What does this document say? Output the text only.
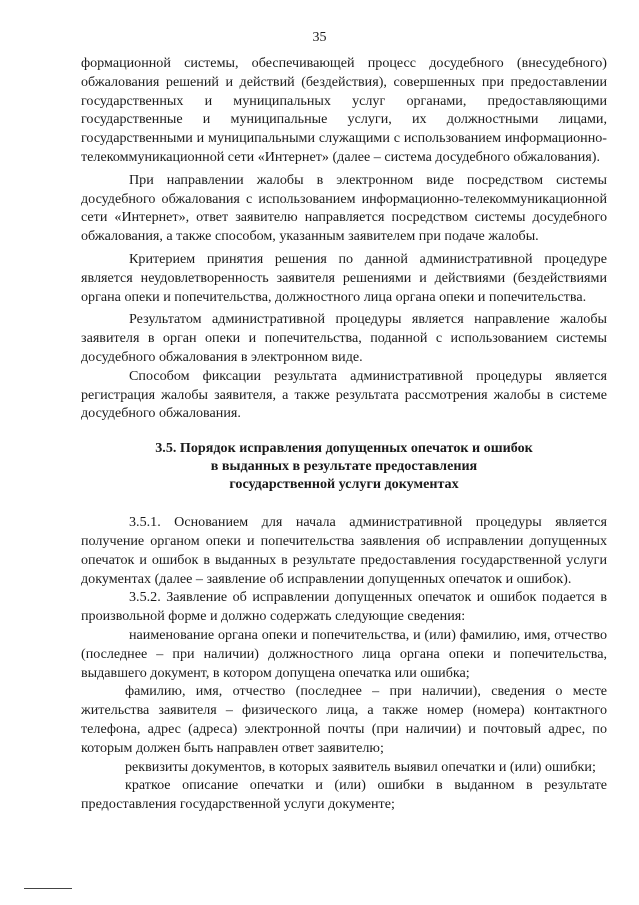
35

формационной системы, обеспечивающей процесс досудебного (внесудебного) обжалования решений и действий (бездействия), совершенных при предоставлении государственных и муниципальных услуг органами, предоставляющими государственные и муниципальные услуги, их должностными лицами, государственными и муниципальными служащими с использованием информационно-телекоммуникационной сети «Интернет» (далее – система досудебного обжалования).

При направлении жалобы в электронном виде посредством системы досудебного обжалования с использованием информационно-телекоммуникационной сети «Интернет», ответ заявителю направляется посредством системы досудебного обжалования, а также способом, указанным заявителем при подаче жалобы.

Критерием принятия решения по данной административной процедуре является неудовлетворенность заявителя решениями и действиями (бездействиями органа опеки и попечительства, должностного лица органа опеки и попечительства.

Результатом административной процедуры является направление жалобы заявителя в орган опеки и попечительства, поданной с использованием системы досудебного обжалования в электронном виде.

Способом фиксации результата административной процедуры является регистрация жалобы заявителя, а также результата рассмотрения жалобы в системе досудебного обжалования.

3.5. Порядок исправления допущенных опечаток и ошибок
в выданных в результате предоставления
государственной услуги документах

3.5.1. Основанием для начала административной процедуры является получение органом опеки и попечительства заявления об исправлении допущенных опечаток и ошибок в выданных в результате предоставления государственной услуги документах (далее – заявление об исправлении допущенных опечаток и ошибок).

3.5.2. Заявление об исправлении допущенных опечаток и ошибок подается в произвольной форме и должно содержать следующие сведения:

наименование органа опеки и попечительства, и (или) фамилию, имя, отчество (последнее – при наличии) должностного лица органа опеки и попечительства, выдавшего документ, в котором допущена опечатка или ошибка;

фамилию, имя, отчество (последнее – при наличии), сведения о месте жительства заявителя – физического лица, а также номер (номера) контактного телефона, адрес (адреса) электронной почты (при наличии) и почтовый адрес, по которым должен быть направлен ответ заявителю;

реквизиты документов, в которых заявитель выявил опечатки и (или) ошибки;

краткое описание опечатки и (или) ошибки в выданном в результате предоставления государственной услуги документе;
